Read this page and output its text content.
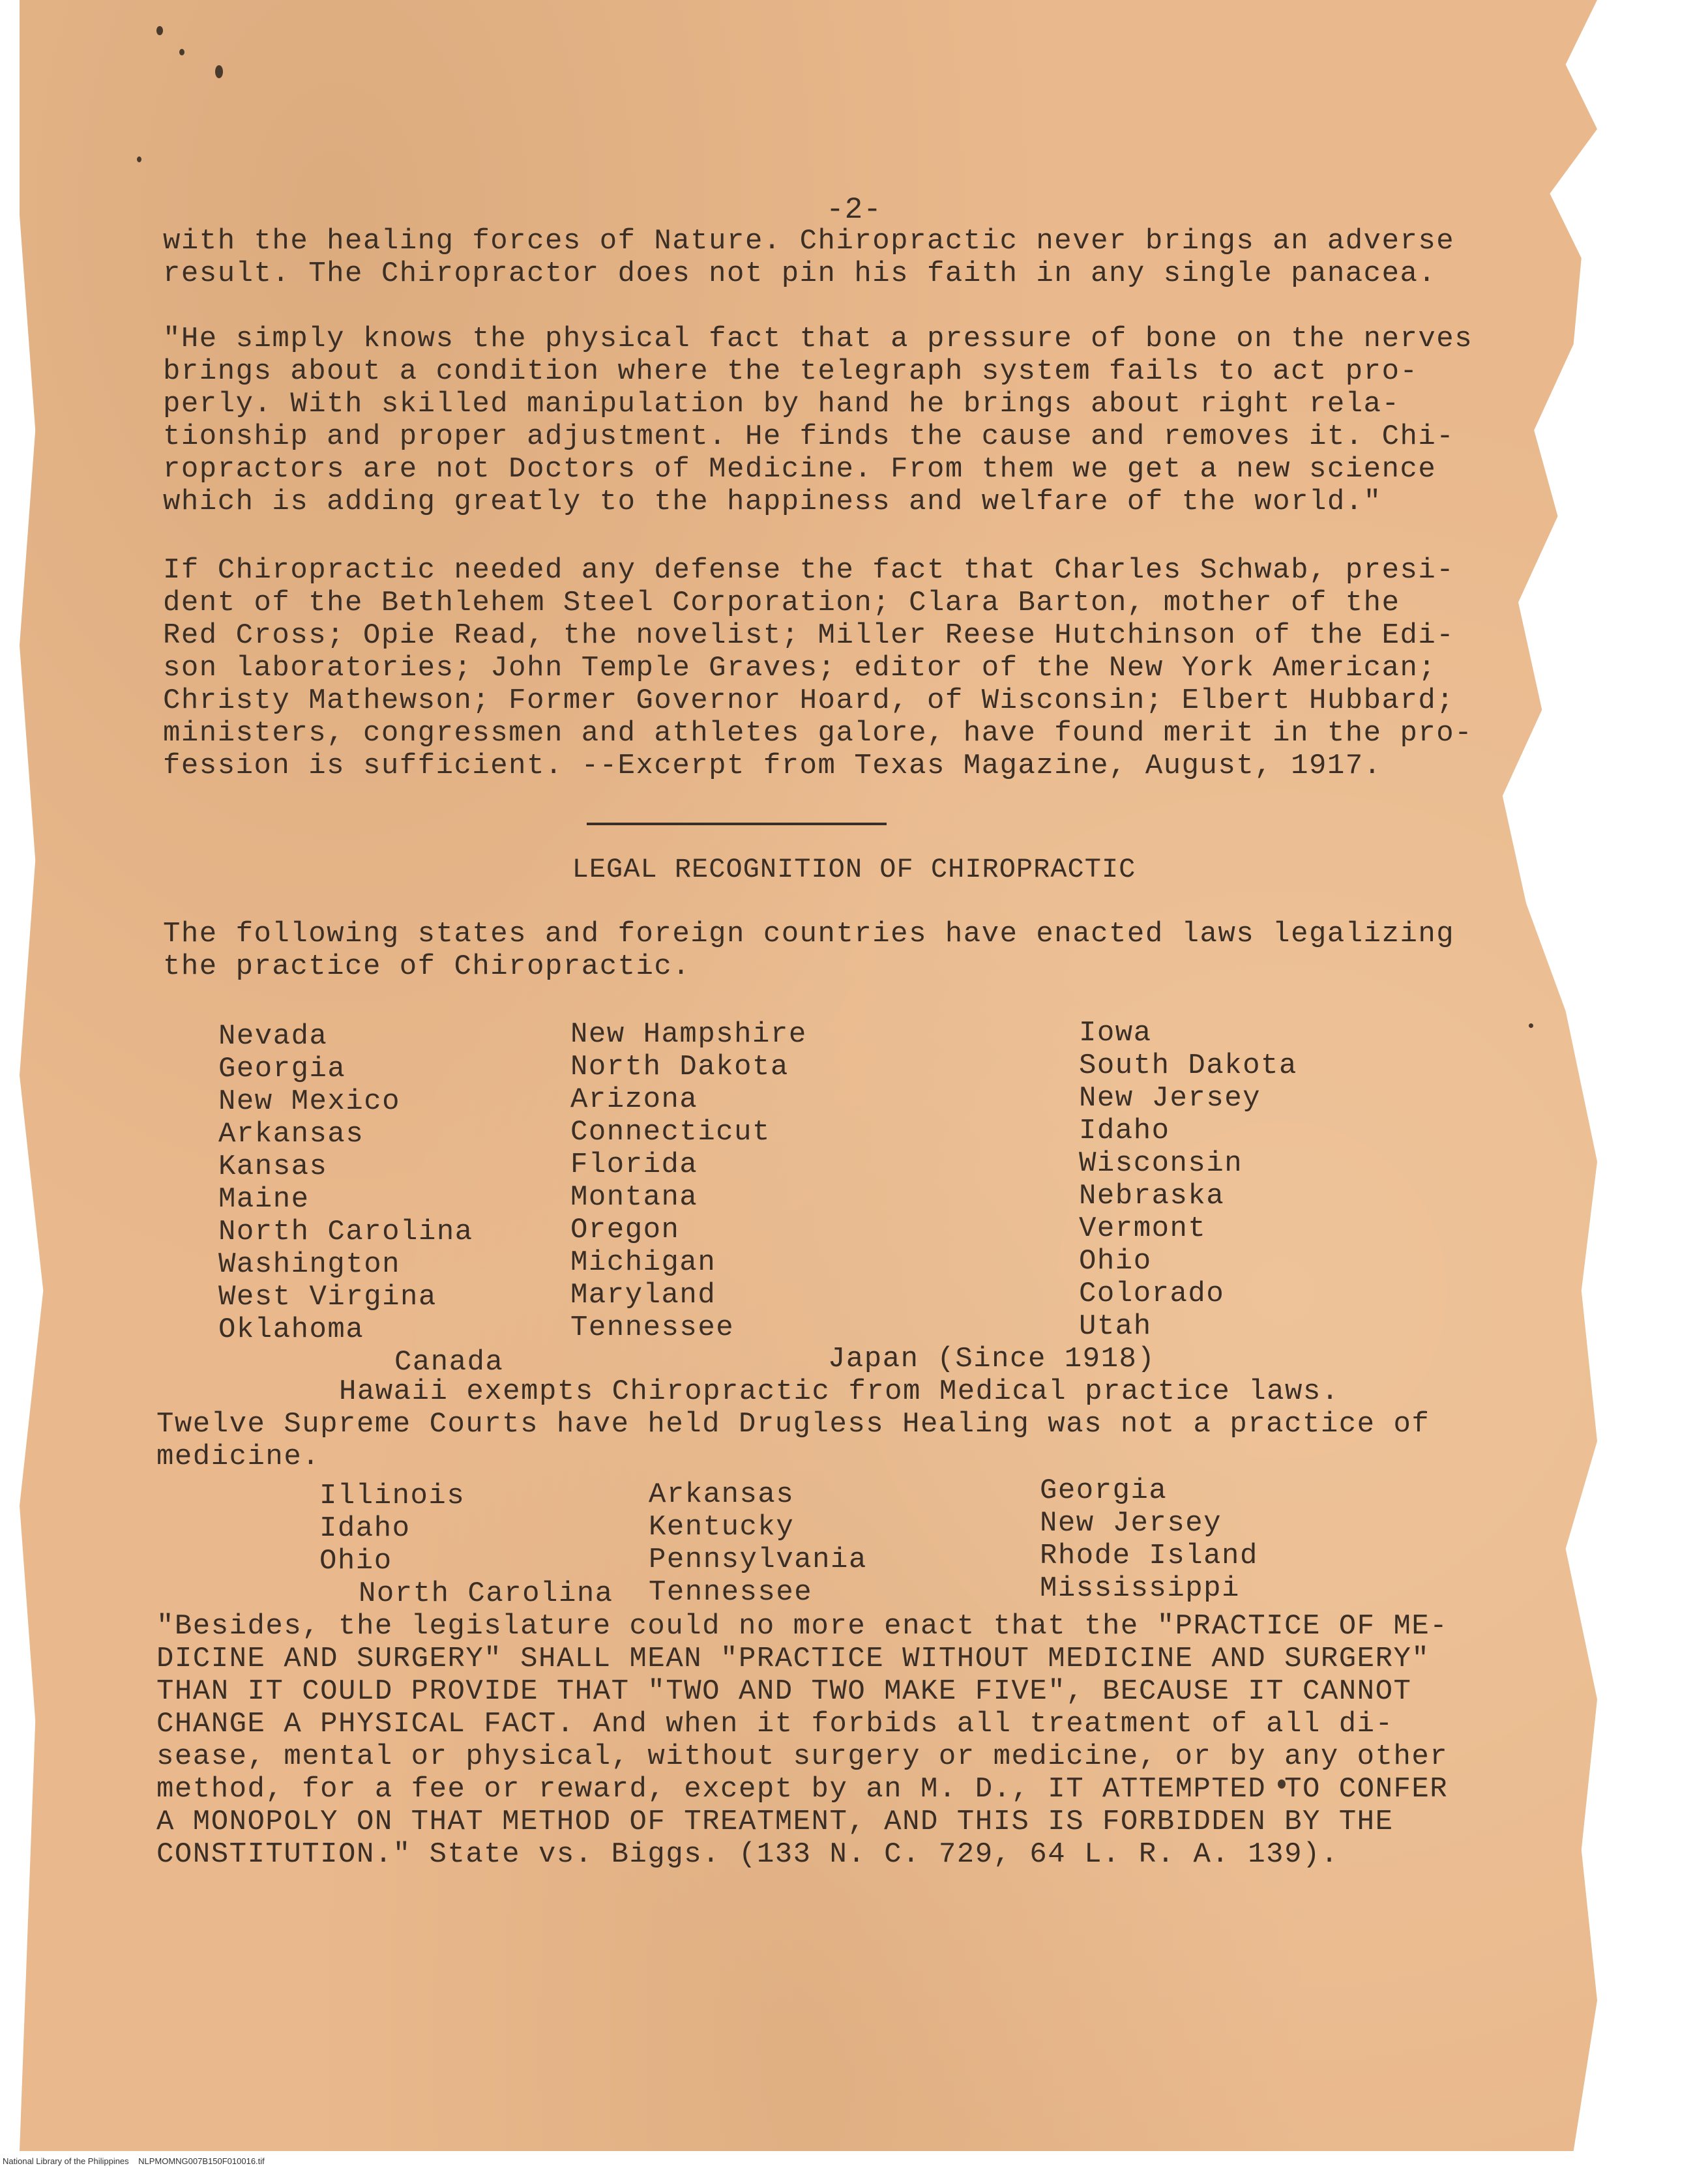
-2-
with the healing forces of Nature. Chiropractic never brings an adverse
result. The Chiropractor does not pin his faith in any single panacea.
"He simply knows the physical fact that a pressure of bone on the nerves
brings about a condition where the telegraph system fails to act pro-
perly. With skilled manipulation by hand he brings about right rela-
tionship and proper adjustment. He finds the cause and removes it. Chi-
ropractors are not Doctors of Medicine. From them we get a new science
which is adding greatly to the happiness and welfare of the world."
If Chiropractic needed any defense the fact that Charles Schwab, presi-
dent of the Bethlehem Steel Corporation; Clara Barton, mother of the
Red Cross; Opie Read, the novelist; Miller Reese Hutchinson of the Edi-
son laboratories; John Temple Graves; editor of the New York American;
Christy Mathewson; Former Governor Hoard, of Wisconsin; Elbert Hubbard;
ministers, congressmen and athletes galore, have found merit in the pro-
fession is sufficient. --Excerpt from Texas Magazine, August, 1917.
LEGAL RECOGNITION OF CHIROPRACTIC
The following states and foreign countries have enacted laws legalizing
the practice of Chiropractic.
Nevada
Georgia
New Mexico
Arkansas
Kansas
Maine
North Carolina
Washington
West Virgina
Oklahoma
New Hampshire
North Dakota
Arizona
Connecticut
Florida
Montana
Oregon
Michigan
Maryland
Tennessee
Iowa
South Dakota
New Jersey
Idaho
Wisconsin
Nebraska
Vermont
Ohio
Colorado
Utah
Canada	Japan (Since 1918)
Hawaii exempts Chiropractic from Medical practice laws.
Twelve Supreme Courts have held Drugless Healing was not a practice of
medicine.
Illinois
Idaho
Ohio
North Carolina
Arkansas
Kentucky
Pennsylvania
Tennessee
Georgia
New Jersey
Rhode Island
Mississippi
"Besides, the legislature could no more enact that the "PRACTICE OF ME-
DICINE AND SURGERY" SHALL MEAN "PRACTICE WITHOUT MEDICINE AND SURGERY"
THAN IT COULD PROVIDE THAT "TWO AND TWO MAKE FIVE", BECAUSE IT CANNOT
CHANGE A PHYSICAL FACT. And when it forbids all treatment of all di-
sease, mental or physical, without surgery or medicine, or by any other
method, for a fee or reward, except by an M. D., IT ATTEMPTED TO CONFER
A MONOPOLY ON THAT METHOD OF TREATMENT, AND THIS IS FORBIDDEN BY THE
CONSTITUTION." State vs. Biggs. (133 N. C. 729, 64 L. R. A. 139).
National Library of the Philippines    NLPMOMNG007B150F010016.tif
